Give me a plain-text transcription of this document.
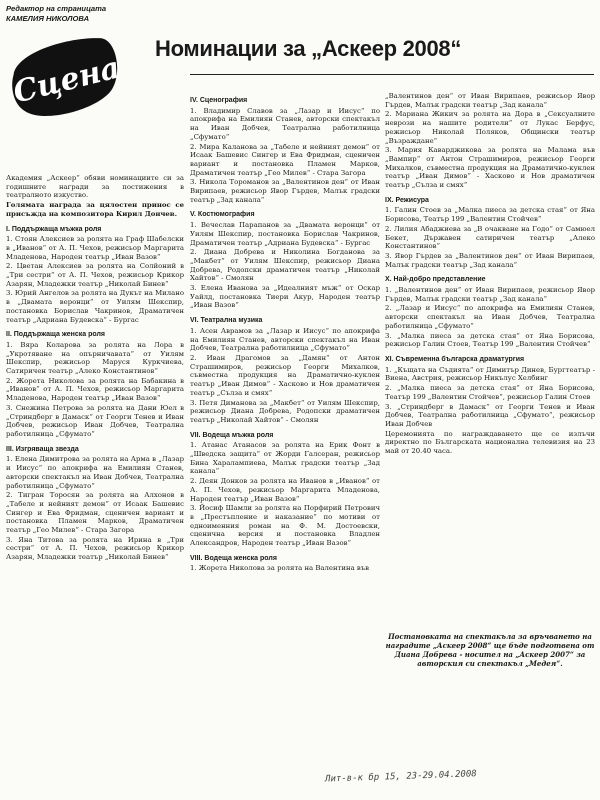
Редактор на страницата
КАМЕЛИЯ НИКОЛОВА
Сцена
Номинации за „Аскеер 2008“

Академия „Аскеер“ обяви номинациите си за годишните награди за постижения в театралното изкуство.

Голямата награда за цялостен принос се присъжда на композитора Кирил Дончев.

I. Поддържаща мъжка роля

1. Стоян Алексиев за ролята на Граф Шабелски в „Иванов“ от А. П. Чехов, режисьор Маргарита Младенова, Народен театър „Иван Вазов“

2. Цветан Алексиев за ролята на Солйоний в „Три сестри“ от А. П. Чехов, режисьор Крикор Азарян, Младежки театър „Николай Бинев“

3. Юрий Ангелов за ролята на Дукът на Милано в „Двамата веронци“ от Уилям Шекспир, постановка Борислав Чакринов, Драматичен театър „Адриана Будевска“ - Бургас

II. Поддържаща женска роля

1. Вяра Коларова за ролята на Лора в „Укротяване на опърничавата“ от Уилям Шекспир, режисьор Маруся Куркчиева, Сатиричен театър „Алеко Константинов“

2. Жорета Николова за ролята на Бабакина в „Иванов“ от А. П. Чехов, режисьор Маргарита Младенова, Народен театър „Иван Вазов“

3. Снежина Петрова за ролята на Дани Юел в „Стриндберг в Дамаск“ от Георги Тенев и Иван Добчев, режисьор Иван Добчев, Театрална работилница „Сфумато“

III. Изгряваща звезда

1. Елена Димитрова за ролята на Арма в „Лазар и Иисус“ по апокрифа на Емилиян Станев, авторски спектакъл на Иван Добчев, Театрална работилница „Сфумато“

2. Тигран Торосян за ролята на Алхонов в „Табеле и нейният демон“ от Исаак Башевис Сингер и Ева Фридман, сценичен вариант и постановка Пламен Марков, Драматичен театър „Гео Милев“ - Стара Загора

3. Яна Титова за ролята на Ирина в „Три сестри“ от А. П. Чехов, режисьор Крикор Азарян, Младежки театър „Николай Бинев“

IV. Сценография

1. Владимир Славов за „Лазар и Иисус“ по апокрифа на Емилиян Станев, авторски спектакъл на Иван Добчев, Театрална работилница „Сфумато“

2. Мира Каланова за „Табеле и нейният демон“ от Исаак Башевис Сингер и Ева Фридман, сценичен вариант и постановка Пламен Марков, Драматичен театър „Гео Милев“ - Стара Загора

3. Никола Тороманов за „Валентинов ден“ от Иван Вирипаев, режисьор Явор Гърдев, Малък градски театър „Зад канала“

V. Костюмография

1. Вечеслав Парапанов за „Двамата веронци“ от Уилям Шекспир, постановка Борислав Чакринов, Драматичен театър „Адриана Будевска“ - Бургас

2. Диана Добрева и Николина Богданова за „Макбет“ от Уилям Шекспир, режисьор Диана Добрева, Родопски драматичен театър „Николай Хайтов“ - Смолян

3. Елена Иванова за „Идеалният мъж“ от Оскар Уайлд, постановка Тиери Акур, Народен театър „Иван Вазов“

VI. Театрална музика

1. Асен Аврамов за „Лазар и Иисус“ по апокрифа на Емилиян Станев, авторски спектакъл на Иван Добчев, Театрална работилница „Сфумато“

2. Иван Драгомов за „Дамян“ от Антон Страшимиров, режисьор Георги Михалков, съвместна продукция на Драматично-куклен театър „Иван Димов“ - Хасково и Нов драматичен театър „Сълза и смях“

3. Петя Диманова за „Макбет“ от Уилям Шекспир, режисьор Диана Добрева, Родопски драматичен театър „Николай Хайтов“ - Смолян

VII. Водеща мъжка роля

1. Атанас Атанасов за ролята на Ерик Фонт в „Шведска защита“ от Жорди Галсеран, режисьор Бина Харалампиева, Малък градски театър „Зад канала“

2. Деян Донков за ролята на Иванов в „Иванов“ от А. П. Чехов, режисьор Маргарита Младенова, Народен театър „Иван Вазов“

3. Йосиф Шамли за ролята на Порфирий Петрович в „Престъпление и наказание“ по мотиви от едноименния роман на Ф. М. Достоевски, сценична версия и постановка Владлен Александров, Народен театър „Иван Вазов“

VIII. Водеща женска роля

1. Жорета Николова за ролята на Валентина във

„Валентинов ден“ от Иван Вирипаев, режисьор Явор Гърдев, Малък градски театър „Зад канала“

2. Мариана Жикич за ролята на Дора в „Сексуалните неврози на нашите родители“ от Лукас Берфус, режисьор Николай Поляков, Общински театър „Възраждане“

3. Мария Каварджикова за ролята на Малама във „Вампир“ от Антон Страшимиров, режисьор Георги Михалков, съвместна продукция на Драматично-куклен театър „Иван Димов“ - Хасково и Нов драматичен театър „Сълза и смях“

IX. Режисура

1. Галин Стоев за „Малка пиеса за детска стая“ от Яна Борисова, Театър 199 „Валентин Стойчев“

2. Лилия Абаджиева за „В очакване на Годо“ от Самюел Бекет, Държавен сатиричен театър „Алеко Константинов“

3. Явор Гърдев за „Валентинов ден“ от Иван Вирипаев, Малък градски театър „Зад канала“

X. Най-добро представление

1. „Валентинов ден“ от Иван Вирипаев, режисьор Явор Гърдев, Малък градски театър „Зад канала“

2. „Лазар и Иисус“ по апокрифа на Емилиян Станев, авторски спектакъл на Иван Добчев, Театрална работилница „Сфумато“

3. „Малка пиеса за детска стая“ от Яна Борисова, режисьор Галин Стоев, Театър 199 „Валентин Стойчев“

XI. Съвременна българска драматургия

1. „Къщата на Съдията“ от Димитър Динев, Бургтеатър - Виена, Австрия, режисьор Никълус Хелбинг

2. „Малка пиеса за детска стая“ от Яна Борисова, Театър 199 „Валентин Стойчев“, режисьор Галин Стоев

3. „Стриндберг в Дамаск“ от Георги Тенев и Иван Добчев, Театрална работилница „Сфумато“, режисьор Иван Добчев

Церемонията по награждаването ще се излъчи директно по Българската национална телевизия на 23 май от 20.40 часа.

Постановката на спектакъла за връчването на наградите „Аскеер 2008“ ще бъде подготвена от Диана Добрева - носител на „Аскеер 2007“ за авторския си спектакъл „Медея“.
Лит-в-к бр 15, 23-29.04.2008
